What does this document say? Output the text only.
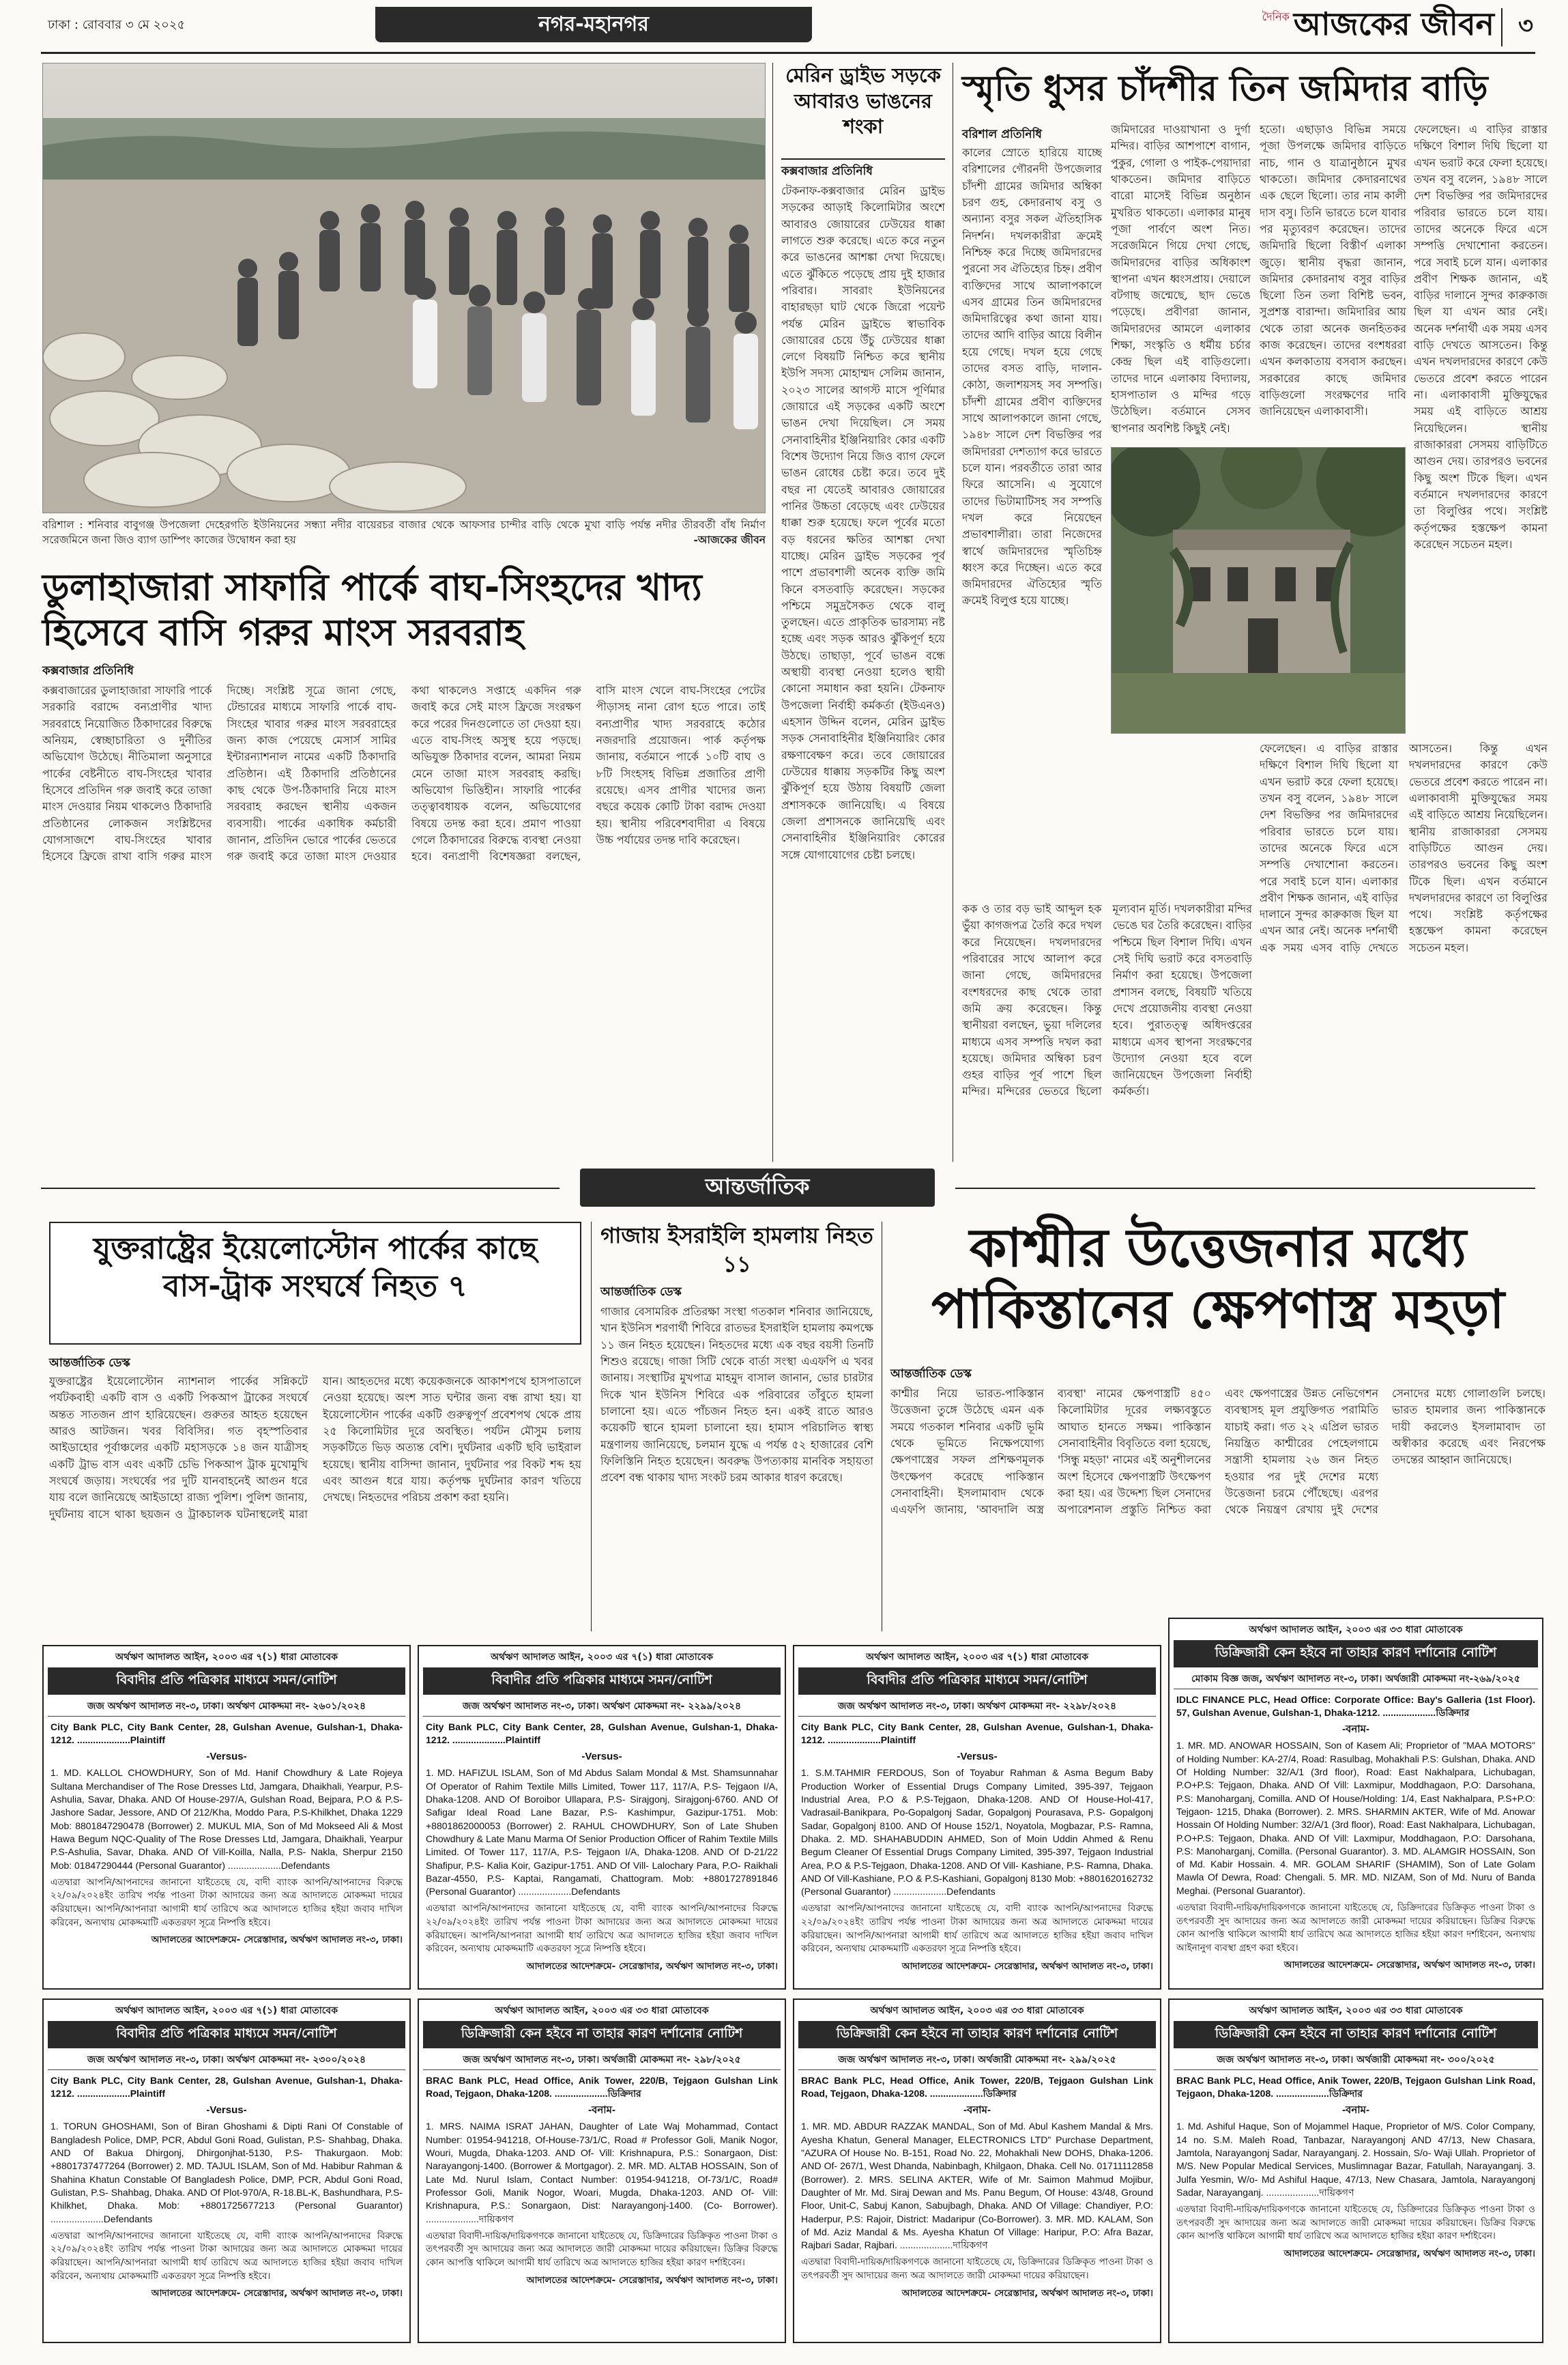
ঢাকা : রোববার ৩ মে ২০২৫	নগর-মহানগর	দৈনিক আজকের জীবন	৩
বরিশাল : শনিবার বাবুগঞ্জ উপজেলা দেহেরগতি ইউনিয়নের সন্ধ্যা নদীর বায়েরচর বাজার থেকে আফসার চান্দীর বাড়ি থেকে মুখা বাড়ি পর্যন্ত নদীর তীরবর্তী বাঁধ নির্মাণ সরেজমিনে জনা জিও ব্যাগ ডাম্পিং কাজের উদ্বোধন করা হয়	-আজকের জীবন
মেরিন ড্রাইভ সড়কে আবারও ভাঙনের শংকা
কক্সবাজার প্রতিনিধি
টেকনাফ-কক্সবাজার মেরিন ড্রাইভ সড়কের আড়াই কিলোমিটার অংশে আবারও জোয়ারের ঢেউয়ের ধাক্কা লাগতে শুরু করেছে। এতে করে নতুন করে ভাঙনের আশঙ্কা দেখা দিয়েছে। এতে ঝুঁকিতে পড়েছে প্রায় দুই হাজার পরিবার। সাবরাং ইউনিয়নের বাহারছড়া ঘাট থেকে জিরো পয়েন্ট পর্যন্ত মেরিন ড্রাইভে স্বাভাবিক জোয়ারের চেয়ে উঁচু ঢেউয়ের ধাক্কা লেগে বিষয়টি নিশ্চিত করে স্থানীয় ইউপি সদস্য মোহাম্মদ সেলিম জানান, ২০২৩ সালের আগস্ট মাসে পূর্ণিমার জোয়ারে এই সড়কের একটি অংশে ভাঙন দেখা দিয়েছিল। সে সময় সেনাবাহিনীর ইঞ্জিনিয়ারিং কোর একটি বিশেষ উদ্যোগ নিয়ে জিও ব্যাগ ফেলে ভাঙন রোধের চেষ্টা করে। তবে দুই বছর না যেতেই আবারও জোয়ারের পানির উচ্চতা বেড়েছে এবং ঢেউয়ের ধাক্কা শুরু হয়েছে। ফলে পূর্বের মতো বড় ধরনের ক্ষতির আশঙ্কা দেখা যাচ্ছে। মেরিন ড্রাইভ সড়কের পূর্ব পাশে প্রভাবশালী অনেক ব্যক্তি জমি কিনে বসতবাড়ি করেছেন। সড়কের পশ্চিমে সমুদ্রসৈকত থেকে বালু তুলছেন। এতে প্রাকৃতিক ভারসাম্য নষ্ট হচ্ছে এবং সড়ক আরও ঝুঁকিপূর্ণ হয়ে উঠছে। তাছাড়া, পূর্বে ভাঙন বন্ধে অস্থায়ী ব্যবস্থা নেওয়া হলেও স্থায়ী কোনো সমাধান করা হয়নি। টেকনাফ উপজেলা নির্বাহী কর্মকর্তা (ইউএনও) এহসান উদ্দিন বলেন, মেরিন ড্রাইভ সড়ক সেনাবাহিনীর ইঞ্জিনিয়ারিং কোর রক্ষণাবেক্ষণ করে। তবে জোয়ারের ঢেউয়ের ধাক্কায় সড়কটির কিছু অংশ ঝুঁকিপূর্ণ হয়ে উঠায় বিষয়টি জেলা প্রশাসককে জানিয়েছি। এ বিষয়ে জেলা প্রশাসনকে জানিয়েছি এবং সেনাবাহিনীর ইঞ্জিনিয়ারিং কোরের সঙ্গে যোগাযোগের চেষ্টা চলছে।
স্মৃতি ধুসর চাঁদশীর তিন জমিদার বাড়ি
বরিশাল প্রতিনিধি
কালের স্রোতে হারিয়ে যাচ্ছে বরিশালের গৌরনদী উপজেলার চাঁদশী গ্রামের জমিদার অম্বিকা চরণ গুহ, কেদারনাথ বসু ও অন্যান্য বসুর সকল ঐতিহাসিক নিদর্শন। দখলকারীরা ক্রমেই নিশ্চিহ্ন করে দিচ্ছে জমিদারদের পুরনো সব ঐতিহ্যের চিহ্ন। প্রবীণ ব্যক্তিদের সাথে আলাপকালে এসব গ্রামের তিন জমিদারদের জমিদারিত্বের কথা জানা যায়। তাদের আদি বাড়ির আয়ে বিলীন হয়ে গেছে। দখল হয়ে গেছে তাদের বসত বাড়ি, দালান-কোঠা, জলাশয়সহ সব সম্পত্তি। চাঁদশী গ্রামের প্রবীণ ব্যক্তিদের সাথে আলাপকালে জানা গেছে, ১৯৪৮ সালে দেশ বিভক্তির পর জমিদাররা দেশত্যাগ করে ভারতে চলে যান। পরবর্তীতে তারা আর ফিরে আসেনি। এ সুযোগে তাদের ভিটামাটিসহ সব সম্পত্তি দখল করে নিয়েছেন প্রভাবশালীরা। তারা নিজেদের স্বার্থে জমিদারদের স্মৃতিচিহ্ন ধ্বংস করে দিচ্ছেন। এতে করে জমিদারদের ঐতিহ্যের স্মৃতি ক্রমেই বিলুপ্ত হয়ে যাচ্ছে।
জমিদারের দাওয়াখানা ও দুর্গা মন্দির। বাড়ির আশপাশে বাগান, পুকুর, গোলা ও পাইক-পেয়াদারা থাকতেন। জমিদার বাড়িতে বারো মাসেই বিভিন্ন অনুষ্ঠান মুখরিত থাকতো। এলাকার মানুষ পূজা পার্বণে অংশ নিত। সরেজমিনে গিয়ে দেখা গেছে, জমিদারদের বাড়ির অধিকাংশ স্থাপনা এখন ধ্বংসপ্রায়। দেয়ালে বটগাছ জন্মেছে, ছাদ ভেঙে পড়েছে। প্রবীণরা জানান, জমিদারদের আমলে এলাকার শিক্ষা, সংস্কৃতি ও ধর্মীয় চর্চার কেন্দ্র ছিল এই বাড়িগুলো। তাদের দানে এলাকায় বিদ্যালয়, হাসপাতাল ও মন্দির গড়ে উঠেছিল। বর্তমানে সেসব স্থাপনার অবশিষ্ট কিছুই নেই।
হতো। এছাড়াও বিভিন্ন সময়ে পূজা উপলক্ষে জমিদার বাড়িতে নাচ, গান ও যাত্রানুষ্ঠানে মুখর থাকতো। জমিদার কেদারনাথের এক ছেলে ছিলো। তার নাম কালী দাস বসু। তিনি ভারতে চলে যাবার পর মৃত্যুবরণ করেছেন। তাদের জমিদারি ছিলো বিস্তীর্ণ এলাকা জুড়ে। স্থানীয় বৃদ্ধরা জানান, জমিদার কেদারনাথ বসুর বাড়ির ছিলো তিন তলা বিশিষ্ট ভবন, সুপ্রশস্ত বারান্দা। জমিদারির আয় থেকে তারা অনেক জনহিতকর কাজ করেছেন। তাদের বংশধররা এখন কলকাতায় বসবাস করছেন। সরকারের কাছে জমিদার বাড়িগুলো সংরক্ষণের দাবি জানিয়েছেন এলাকাবাসী।
ফেলেছেন। এ বাড়ির রাস্তার দক্ষিণে বিশাল দিঘি ছিলো যা এখন ভরাট করে ফেলা হয়েছে। তখন বসু বলেন, ১৯৪৮ সালে দেশ বিভক্তির পর জমিদারদের পরিবার ভারতে চলে যায়। তাদের অনেকে ফিরে এসে সম্পত্তি দেখাশোনা করতেন। পরে সবাই চলে যান। এলাকার প্রবীণ শিক্ষক জানান, এই বাড়ির দালানে সুন্দর কারুকাজ ছিল যা এখন আর নেই। অনেক দর্শনার্থী এক সময় এসব বাড়ি দেখতে আসতেন। কিন্তু এখন দখলদারদের কারণে কেউ ভেতরে প্রবেশ করতে পারেন না। এলাকাবাসী মুক্তিযুদ্ধের সময় এই বাড়িতে আশ্রয় নিয়েছিলেন। স্থানীয় রাজাকাররা সেসময় বাড়িটিতে আগুন দেয়। তারপরও ভবনের কিছু অংশ টিকে ছিল। এখন বর্তমানে দখলদারদের কারণে তা বিলুপ্তির পথে। সংশ্লিষ্ট কর্তৃপক্ষের হস্তক্ষেপ কামনা করেছেন সচেতন মহল।
কক ও তার বড় ভাই আব্দুল হক ভুঁয়া কাগজপত্র তৈরি করে দখল করে নিয়েছেন। দখলদারদের পরিবারের সাথে আলাপ করে জানা গেছে, জমিদারদের বংশধরদের কাছ থেকে তারা জমি ক্রয় করেছেন। কিন্তু স্থানীয়রা বলছেন, ভুয়া দলিলের মাধ্যমে এসব সম্পত্তি দখল করা হয়েছে। জমিদার অম্বিকা চরণ গুহর বাড়ির পূর্ব পাশে ছিল মন্দির। মন্দিরের ভেতরে ছিলো মূল্যবান মূর্তি। দখলকারীরা মন্দির ভেঙে ঘর তৈরি করেছেন। বাড়ির পশ্চিমে ছিল বিশাল দিঘি। এখন সেই দিঘি ভরাট করে বসতবাড়ি নির্মাণ করা হয়েছে। উপজেলা প্রশাসন বলছে, বিষয়টি খতিয়ে দেখে প্রয়োজনীয় ব্যবস্থা নেওয়া হবে। পুরাতত্ত্ব অধিদপ্তরের মাধ্যমে এসব স্থাপনা সংরক্ষণের উদ্যোগ নেওয়া হবে বলে জানিয়েছেন উপজেলা নির্বাহী কর্মকর্তা।
ফেলেছেন। এ বাড়ির রাস্তার দক্ষিণে বিশাল দিঘি ছিলো যা এখন ভরাট করে ফেলা হয়েছে। তখন বসু বলেন, ১৯৪৮ সালে দেশ বিভক্তির পর জমিদারদের পরিবার ভারতে চলে যায়। তাদের অনেকে ফিরে এসে সম্পত্তি দেখাশোনা করতেন। পরে সবাই চলে যান। এলাকার প্রবীণ শিক্ষক জানান, এই বাড়ির দালানে সুন্দর কারুকাজ ছিল যা এখন আর নেই। অনেক দর্শনার্থী এক সময় এসব বাড়ি দেখতে আসতেন। কিন্তু এখন দখলদারদের কারণে কেউ ভেতরে প্রবেশ করতে পারেন না। এলাকাবাসী মুক্তিযুদ্ধের সময় এই বাড়িতে আশ্রয় নিয়েছিলেন। স্থানীয় রাজাকাররা সেসময় বাড়িটিতে আগুন দেয়। তারপরও ভবনের কিছু অংশ টিকে ছিল। এখন বর্তমানে দখলদারদের কারণে তা বিলুপ্তির পথে। সংশ্লিষ্ট কর্তৃপক্ষের হস্তক্ষেপ কামনা করেছেন সচেতন মহল।
ডুলাহাজারা সাফারি পার্কে বাঘ-সিংহদের খাদ্য হিসেবে বাসি গরুর মাংস সরবরাহ
কক্সবাজার প্রতিনিধি
কক্সবাজারের ডুলাহাজারা সাফারি পার্কে সরকারি বরাদ্দে বন্যপ্রাণীর খাদ্য সরবরাহে নিয়োজিত ঠিকাদারের বিরুদ্ধে অনিয়ম, স্বেচ্ছাচারিতা ও দুর্নীতির অভিযোগ উঠেছে। নীতিমালা অনুসারে পার্কের বেষ্টনীতে বাঘ-সিংহের খাবার হিসেবে প্রতিদিন গরু জবাই করে তাজা মাংস দেওয়ার নিয়ম থাকলেও ঠিকাদারি প্রতিষ্ঠানের লোকজন সংশ্লিষ্টদের যোগসাজশে বাঘ-সিংহের খাবার হিসেবে ফ্রিজে রাখা বাসি গরুর মাংস দিচ্ছে। সংশ্লিষ্ট সূত্রে জানা গেছে, টেন্ডারের মাধ্যমে সাফারি পার্কে বাঘ-সিংহের খাবার গরুর মাংস সরবরাহের জন্য কাজ পেয়েছে মেসার্স সামির ইন্টারন্যাশনাল নামের একটি ঠিকাদারি প্রতিষ্ঠান। এই ঠিকাদারি প্রতিষ্ঠানের কাছ থেকে উপ-ঠিকাদারি নিয়ে মাংস সরবরাহ করছেন স্থানীয় একজন ব্যবসায়ী। পার্কের একাধিক কর্মচারী জানান, প্রতিদিন ভোরে পার্কের ভেতরে গরু জবাই করে তাজা মাংস দেওয়ার কথা থাকলেও সপ্তাহে একদিন গরু জবাই করে সেই মাংস ফ্রিজে সংরক্ষণ করে পরের দিনগুলোতে তা দেওয়া হয়। এতে বাঘ-সিংহ অসুস্থ হয়ে পড়ছে। অভিযুক্ত ঠিকাদার বলেন, আমরা নিয়ম মেনে তাজা মাংস সরবরাহ করছি। অভিযোগ ভিত্তিহীন। সাফারি পার্কের তত্ত্বাবধায়ক বলেন, অভিযোগের বিষয়ে তদন্ত করা হবে। প্রমাণ পাওয়া গেলে ঠিকাদারের বিরুদ্ধে ব্যবস্থা নেওয়া হবে। বন্যপ্রাণী বিশেষজ্ঞরা বলছেন, বাসি মাংস খেলে বাঘ-সিংহের পেটের পীড়াসহ নানা রোগ হতে পারে। তাই বন্যপ্রাণীর খাদ্য সরবরাহে কঠোর নজরদারি প্রয়োজন। পার্ক কর্তৃপক্ষ জানায়, বর্তমানে পার্কে ১০টি বাঘ ও ৮টি সিংহসহ বিভিন্ন প্রজাতির প্রাণী রয়েছে। এসব প্রাণীর খাদ্যের জন্য বছরে কয়েক কোটি টাকা বরাদ্দ দেওয়া হয়। স্থানীয় পরিবেশবাদীরা এ বিষয়ে উচ্চ পর্যায়ের তদন্ত দাবি করেছেন।
আন্তর্জাতিক
যুক্তরাষ্ট্রের ইয়েলোস্টোন পার্কের কাছে বাস-ট্রাক সংঘর্ষে নিহত ৭
আন্তর্জাতিক ডেস্ক
যুক্তরাষ্ট্রের ইয়েলোস্টোন ন্যাশনাল পার্কের সন্নিকটে পর্যটকবাহী একটি বাস ও একটি পিকআপ ট্রাকের সংঘর্ষে অন্তত সাতজন প্রাণ হারিয়েছেন। গুরুতর আহত হয়েছেন আরও আটজন। খবর বিবিসির। গত বৃহস্পতিবার আইডাহোর পূর্বাঞ্চলের একটি মহাসড়কে ১৪ জন যাত্রীসহ একটি ট্রাভ বাস এবং একটি চেভি পিকআপ ট্রাক মুখোমুখি সংঘর্ষে জড়ায়। সংঘর্ষের পর দুটি যানবাহনেই আগুন ধরে যায় বলে জানিয়েছে আইডাহো রাজ্য পুলিশ। পুলিশ জানায়, দুর্ঘটনায় বাসে থাকা ছয়জন ও ট্রাকচালক ঘটনাস্থলেই মারা যান। আহতদের মধ্যে কয়েকজনকে আকাশপথে হাসপাতালে নেওয়া হয়েছে। অংশ সাত ঘন্টার জন্য বন্ধ রাখা হয়। যা ইয়েলোস্টোন পার্কের একটি গুরুত্বপূর্ণ প্রবেশপথ থেকে প্রায় ২৫ কিলোমিটার দূরে অবস্থিত। পর্যটন মৌসুম চলায় সড়কটিতে ভিড় অত্যন্ত বেশি। দুর্ঘটনার একটি ছবি ভাইরাল হয়েছে। স্থানীয় বাসিন্দা জানান, দুর্ঘটনার পর বিকট শব্দ হয় এবং আগুন ধরে যায়। কর্তৃপক্ষ দুর্ঘটনার কারণ খতিয়ে দেখছে। নিহতদের পরিচয় প্রকাশ করা হয়নি।
গাজায় ইসরাইলি হামলায় নিহত ১১
আন্তর্জাতিক ডেস্ক
গাজার বেসামরিক প্রতিরক্ষা সংস্থা গতকাল শনিবার জানিয়েছে, খান ইউনিস শরণার্থী শিবিরে রাতভর ইসরাইলি হামলায় কমপক্ষে ১১ জন নিহত হয়েছেন। নিহতদের মধ্যে এক বছর বয়সী তিনটি শিশুও রয়েছে। গাজা সিটি থেকে বার্তা সংস্থা এএফপি এ খবর জানায়। সংস্থাটির মুখপাত্র মাহমুদ বাসাল জানান, ভোর চারটার দিকে খান ইউনিস শিবিরে এক পরিবারের তাঁবুতে হামলা চালানো হয়। এতে পাঁচজন নিহত হন। একই রাতে আরও কয়েকটি স্থানে হামলা চালানো হয়। হামাস পরিচালিত স্বাস্থ্য মন্ত্রণালয় জানিয়েছে, চলমান যুদ্ধে এ পর্যন্ত ৫২ হাজারের বেশি ফিলিস্তিনি নিহত হয়েছেন। অবরুদ্ধ উপত্যকায় মানবিক সহায়তা প্রবেশ বন্ধ থাকায় খাদ্য সংকট চরম আকার ধারণ করেছে।
কাশ্মীর উত্তেজনার মধ্যে পাকিস্তানের ক্ষেপণাস্ত্র মহড়া
আন্তর্জাতিক ডেস্ক
কাশ্মীর নিয়ে ভারত-পাকিস্তান উত্তেজনা তুঙ্গে উঠেছে এমন এক সময়ে গতকাল শনিবার একটি ভূমি থেকে ভূমিতে নিক্ষেপযোগ্য ক্ষেপণাস্ত্রের সফল প্রশিক্ষণমূলক উৎক্ষেপণ করেছে পাকিস্তান সেনাবাহিনী। ইসলামাবাদ থেকে এএফপি জানায়, 'আবদালি অস্ত্র ব্যবস্থা' নামের ক্ষেপণাস্ত্রটি ৪৫০ কিলোমিটার দূরের লক্ষ্যবস্তুতে আঘাত হানতে সক্ষম। পাকিস্তান সেনাবাহিনীর বিবৃতিতে বলা হয়েছে, 'সিন্ধু মহড়া' নামের এই অনুশীলনের অংশ হিসেবে ক্ষেপণাস্ত্রটি উৎক্ষেপণ করা হয়। এর উদ্দেশ্য ছিল সেনাদের অপারেশনাল প্রস্তুতি নিশ্চিত করা এবং ক্ষেপণাস্ত্রের উন্নত নেভিগেশন ব্যবস্থাসহ মূল প্রযুক্তিগত পরামিতি যাচাই করা। গত ২২ এপ্রিল ভারত নিয়ন্ত্রিত কাশ্মীরের পেহেলগামে সন্ত্রাসী হামলায় ২৬ জন নিহত হওয়ার পর দুই দেশের মধ্যে উত্তেজনা চরমে পৌঁছেছে। এরপর থেকে নিয়ন্ত্রণ রেখায় দুই দেশের সেনাদের মধ্যে গোলাগুলি চলছে। ভারত হামলার জন্য পাকিস্তানকে দায়ী করলেও ইসলামাবাদ তা অস্বীকার করেছে এবং নিরপেক্ষ তদন্তের আহ্বান জানিয়েছে।
অর্থঋণ আদালত আইন, ২০০৩ এর ৭(১) ধারা মোতাবেক
বিবাদীর প্রতি পত্রিকার মাধ্যমে সমন/নোটিশ
জজ অর্থঋণ আদালত নং-৩, ঢাকা। অর্থঋণ মোকদ্দমা নং- ২৬০১/২০২৪
City Bank PLC, City Bank Center, 28, Gulshan Avenue, Gulshan-1, Dhaka-1212. ....................Plaintiff
-Versus-
1. MD. KALLOL CHOWDHURY, Son of Md. Hanif Chowdhury & Late Rojeya Sultana Merchandiser of The Rose Dresses Ltd, Jamgara, Dhaikhali, Yearpur, P.S-Ashulia, Savar, Dhaka. AND Of House-297/A, Gulshan Road, Bejpara, P.O & P.S-Jashore Sadar, Jessore, AND Of 212/Kha, Moddo Para, P.S-Khilkhet, Dhaka 1229 Mob: 8801847290478 (Borrower) 2. MUKUL MIA, Son of Md Mokseed Ali & Most Hawa Begum NQC-Quality of The Rose Dresses Ltd, Jamgara, Dhaikhali, Yearpur P.S-Ashulia, Savar, Dhaka. AND Of Vill-Koilla, Nalla, P.S- Nakla, Sherpur 2150 Mob: 01847290444 (Personal Guarantor) ....................Defendants
এতদ্বারা আপনি/আপনাদের জানানো যাইতেছে যে, বাদী ব্যাংক আপনি/আপনাদের বিরুদ্ধে ২২/০৯/২০২৪ইং তারিখ পর্যন্ত পাওনা টাকা আদায়ের জন্য অত্র আদালতে মোকদ্দমা দায়ের করিয়াছেন। আপনি/আপনারা আগামী ধার্য তারিখে অত্র আদালতে হাজির হইয়া জবাব দাখিল করিবেন, অন্যথায় মোকদ্দমাটি একতরফা সূত্রে নিষ্পত্তি হইবে।
আদালতের আদেশক্রমে- সেরেস্তাদার, অর্থঋণ আদালত নং-৩, ঢাকা।
অর্থঋণ আদালত আইন, ২০০৩ এর ৭(১) ধারা মোতাবেক
বিবাদীর প্রতি পত্রিকার মাধ্যমে সমন/নোটিশ
জজ অর্থঋণ আদালত নং-৩, ঢাকা। অর্থঋণ মোকদ্দমা নং- ২২৯৯/২০২৪
City Bank PLC, City Bank Center, 28, Gulshan Avenue, Gulshan-1, Dhaka-1212. ....................Plaintiff
-Versus-
1. MD. HAFIZUL ISLAM, Son of Md Abdus Salam Mondal & Mst. Shamsunnahar Of Operator of Rahim Textile Mills Limited, Tower 117, 117/A, P.S- Tejgaon I/A, Dhaka-1208. AND Of Boroibor Ullapara, P.S- Sirajgonj, Sirajgonj-6760. AND Of Safigar Ideal Road Lane Bazar, P.S- Kashimpur, Gazipur-1751. Mob: +8801862000053 (Borrower) 2. RAHUL CHOWDHURY, Son of Late Shuben Chowdhury & Late Manu Marma Of Senior Production Officer of Rahim Textile Mills Limited. Of Tower 117, 117/A, P.S- Tejgaon I/A, Dhaka-1208. AND Of D-21/22 Shafipur, P.S- Kalia Koir, Gazipur-1751. AND Of Vill- Lalochary Para, P.O- Raikhali Bazar-4550, P.S- Kaptai, Rangamati, Chattogram. Mob: +8801727891846 (Personal Guarantor) ....................Defendants
এতদ্বারা আপনি/আপনাদের জানানো যাইতেছে যে, বাদী ব্যাংক আপনি/আপনাদের বিরুদ্ধে ২২/০৯/২০২৪ইং তারিখ পর্যন্ত পাওনা টাকা আদায়ের জন্য অত্র আদালতে মোকদ্দমা দায়ের করিয়াছেন। আপনি/আপনারা আগামী ধার্য তারিখে অত্র আদালতে হাজির হইয়া জবাব দাখিল করিবেন, অন্যথায় মোকদ্দমাটি একতরফা সূত্রে নিষ্পত্তি হইবে।
আদালতের আদেশক্রমে- সেরেস্তাদার, অর্থঋণ আদালত নং-৩, ঢাকা।
অর্থঋণ আদালত আইন, ২০০৩ এর ৭(১) ধারা মোতাবেক
বিবাদীর প্রতি পত্রিকার মাধ্যমে সমন/নোটিশ
জজ অর্থঋণ আদালত নং-৩, ঢাকা। অর্থঋণ মোকদ্দমা নং- ২২৯৮/২০২৪
City Bank PLC, City Bank Center, 28, Gulshan Avenue, Gulshan-1, Dhaka-1212. ....................Plaintiff
-Versus-
1. S.M.TAHMIR FERDOUS, Son of Toyabur Rahman & Asma Begum Baby Production Worker of Essential Drugs Company Limited, 395-397, Tejgaon Industrial Area, P.O & P.S-Tejgaon, Dhaka-1208. AND Of House-Hol-417, Vadrasail-Banikpara, Po-Gopalgonj Sadar, Gopalgonj Pourasava, P.S- Gopalgonj Sadar, Gopalgonj 8100. AND Of House 152/1, Noyatola, Mogbazar, P.S- Ramna, Dhaka. 2. MD. SHAHABUDDIN AHMED, Son of Moin Uddin Ahmed & Renu Begum Cleaner Of Essential Drugs Company Limited, 395-397, Tejgaon Industrial Area, P.O & P.S-Tejgaon, Dhaka-1208. AND Of Vill- Kashiane, P.S- Ramna, Dhaka. AND Of Vill-Kashiane, P.O & P.S-Kashiani, Gopalgonj 8130 Mob: +8801620162732 (Personal Guarantor) ....................Defendants
এতদ্বারা আপনি/আপনাদের জানানো যাইতেছে যে, বাদী ব্যাংক আপনি/আপনাদের বিরুদ্ধে ২২/০৯/২০২৪ইং তারিখ পর্যন্ত পাওনা টাকা আদায়ের জন্য অত্র আদালতে মোকদ্দমা দায়ের করিয়াছেন। আপনি/আপনারা আগামী ধার্য তারিখে অত্র আদালতে হাজির হইয়া জবাব দাখিল করিবেন, অন্যথায় মোকদ্দমাটি একতরফা সূত্রে নিষ্পত্তি হইবে।
আদালতের আদেশক্রমে- সেরেস্তাদার, অর্থঋণ আদালত নং-৩, ঢাকা।
অর্থঋণ আদালত আইন, ২০০৩ এর ৩৩ ধারা মোতাবেক
ডিক্রিজারী কেন হইবে না তাহার কারণ দর্শানোর নোটিশ
মোকাম বিজ্ঞ জজ, অর্থঋণ আদালত নং-৩, ঢাকা। অর্থজারী মোকদ্দমা নং-২৬৯/২০২৫
IDLC FINANCE PLC, Head Office: Corporate Office: Bay's Galleria (1st Floor). 57, Gulshan Avenue, Gulshan-1, Dhaka-1212. ....................ডিক্রিদার
-বনাম-
1. MR. MD. ANOWAR HOSSAIN, Son of Kasem Ali; Proprietor of "MAA MOTORS" of Holding Number: KA-27/4, Road: Rasulbag, Mohakhali P.S: Gulshan, Dhaka. AND Of Holding Number: 32/A/1 (3rd floor), Road: East Nakhalpara, Lichubagan, P.O+P.S: Tejgaon, Dhaka. AND Of Vill: Laxmipur, Moddhagaon, P.O: Darsohana, P.S: Manoharganj, Comilla. AND Of House/Holding: 1/4, East Nakhalpara, P.S+P.O: Tejgaon- 1215, Dhaka (Borrower). 2. MRS. SHARMIN AKTER, Wife of Md. Anowar Hossain Of Holding Number: 32/A/1 (3rd floor), Road: East Nakhalpara, Lichubagan, P.O+P.S: Tejgaon, Dhaka. AND Of Vill: Laxmipur, Moddhagaon, P.O: Darsohana, P.S: Manoharganj, Comilla. (Personal Guarantor). 3. MD. ALAMGIR HOSSAIN, Son of Md. Kabir Hossain. 4. MR. GOLAM SHARIF (SHAMIM), Son of Late Golam Mawla Of Dewra, Road: Chengali. 5. MR. MD. NIZAM, Son of Md. Nuru of Banda Meghai. (Personal Guarantor).
এতদ্বারা বিবাদী-দায়িক/দায়িকগণকে জানানো যাইতেছে যে, ডিক্রিদারের ডিক্রিকৃত পাওনা টাকা ও তৎপরবর্তী সুদ আদায়ের জন্য অত্র আদালতে জারী মোকদ্দমা দায়ের করিয়াছেন। ডিক্রির বিরুদ্ধে কোন আপত্তি থাকিলে আগামী ধার্য তারিখে অত্র আদালতে হাজির হইয়া কারণ দর্শাইবেন, অন্যথায় আইনানুগ ব্যবস্থা গ্রহণ করা হইবে।
আদালতের আদেশক্রমে- সেরেস্তাদার, অর্থঋণ আদালত নং-৩, ঢাকা।
অর্থঋণ আদালত আইন, ২০০৩ এর ৭(১) ধারা মোতাবেক
বিবাদীর প্রতি পত্রিকার মাধ্যমে সমন/নোটিশ
জজ অর্থঋণ আদালত নং-৩, ঢাকা। অর্থঋণ মোকদ্দমা নং- ২৩০০/২০২৪
City Bank PLC, City Bank Center, 28, Gulshan Avenue, Gulshan-1, Dhaka-1212. ....................Plaintiff
-Versus-
1. TORUN GHOSHAMI, Son of Biran Ghoshami & Dipti Rani Of Constable of Bangladesh Police, DMP, PCR, Abdul Goni Road, Gulistan, P.S- Shahbag, Dhaka. AND Of Bakua Dhirgonj, Dhirgonjhat-5130, P.S- Thakurgaon. Mob: +8801737477264 (Borrower) 2. MD. TAJUL ISLAM, Son of Md. Habibur Rahman & Shahina Khatun Constable Of Bangladesh Police, DMP, PCR, Abdul Goni Road, Gulistan, P.S- Shahbag, Dhaka. AND Of Plot-970/A, R-18.BL-K, Bashundhara, P.S- Khilkhet, Dhaka. Mob: +8801725677213 (Personal Guarantor) ....................Defendants
এতদ্বারা আপনি/আপনাদের জানানো যাইতেছে যে, বাদী ব্যাংক আপনি/আপনাদের বিরুদ্ধে ২২/০৯/২০২৪ইং তারিখ পর্যন্ত পাওনা টাকা আদায়ের জন্য অত্র আদালতে মোকদ্দমা দায়ের করিয়াছেন। আপনি/আপনারা আগামী ধার্য তারিখে অত্র আদালতে হাজির হইয়া জবাব দাখিল করিবেন, অন্যথায় মোকদ্দমাটি একতরফা সূত্রে নিষ্পত্তি হইবে।
আদালতের আদেশক্রমে- সেরেস্তাদার, অর্থঋণ আদালত নং-৩, ঢাকা।
অর্থঋণ আদালত আইন, ২০০৩ এর ৩৩ ধারা মোতাবেক
ডিক্রিজারী কেন হইবে না তাহার কারণ দর্শানোর নোটিশ
জজ অর্থঋণ আদালত নং-৩, ঢাকা। অর্থজারী মোকদ্দমা নং- ২৯৮/২০২৫
BRAC Bank PLC, Head Office, Anik Tower, 220/B, Tejgaon Gulshan Link Road, Tejgaon, Dhaka-1208. ....................ডিক্রিদার
-বনাম-
1. MRS. NAIMA ISRAT JAHAN, Daughter of Late Waj Mohammad, Contact Number: 01954-941218, Of-House-73/1/C, Road # Professor Goli, Manik Nogor, Wouri, Mugda, Dhaka-1203. AND Of- Vill: Krishnapura, P.S.: Sonargaon, Dist: Narayangonj-1400. (Borrower & Mortgagor). 2. MR. MD. ALTAB HOSSAIN, Son of Late Md. Nurul Islam, Contact Number: 01954-941218, Of-73/1/C, Road# Professor Goli, Manik Nogor, Woari, Mugda, Dhaka-1203. AND Of- Vill: Krishnapura, P.S.: Sonargaon, Dist: Narayangonj-1400. (Co- Borrower). ....................দায়িকগণ
এতদ্বারা বিবাদী-দায়িক/দায়িকগণকে জানানো যাইতেছে যে, ডিক্রিদারের ডিক্রিকৃত পাওনা টাকা ও তৎপরবর্তী সুদ আদায়ের জন্য অত্র আদালতে জারী মোকদ্দমা দায়ের করিয়াছেন। ডিক্রির বিরুদ্ধে কোন আপত্তি থাকিলে আগামী ধার্য তারিখে অত্র আদালতে হাজির হইয়া কারণ দর্শাইবেন।
আদালতের আদেশক্রমে- সেরেস্তাদার, অর্থঋণ আদালত নং-৩, ঢাকা।
অর্থঋণ আদালত আইন, ২০০৩ এর ৩৩ ধারা মোতাবেক
ডিক্রিজারী কেন হইবে না তাহার কারণ দর্শানোর নোটিশ
জজ অর্থঋণ আদালত নং-৩, ঢাকা। অর্থজারী মোকদ্দমা নং- ২৯৯/২০২৫
BRAC Bank PLC, Head Office, Anik Tower, 220/B, Tejgaon Gulshan Link Road, Tejgaon, Dhaka-1208. ....................ডিক্রিদার
-বনাম-
1. MR. MD. ABDUR RAZZAK MANDAL, Son of Md. Abul Kashem Mandal & Mrs. Ayesha Khatun, General Manager, ELECTRONICS LTD" Purchase Department, "AZURA Of House No. B-151, Road No. 22, Mohakhali New DOHS, Dhaka-1206. AND Of- 267/1, West Dhanda, Nabinbagh, Khilgaon, Dhaka. Cell No. 01711112858 (Borrower). 2. MRS. SELINA AKTER, Wife of Mr. Saimon Mahmud Mojibur, Daughter of Mr. Md. Siraj Dewan and Ms. Panu Begum, Of House: 43/48, Ground Floor, Unit-C, Sabuj Kanon, Sabujbagh, Dhaka. AND Of Village: Chandiyer, P.O: Haderpur, P.S: Rajoir, District: Madaripur (Co-Borrower). 3. MR. MD. KALAM, Son of Md. Aziz Mandal & Ms. Ayesha Khatun Of Village: Haripur, P.O: Afra Bazar, Rajbari Sadar, Rajbari. ....................দায়িকগণ
এতদ্বারা বিবাদী-দায়িক/দায়িকগণকে জানানো যাইতেছে যে, ডিক্রিদারের ডিক্রিকৃত পাওনা টাকা ও তৎপরবর্তী সুদ আদায়ের জন্য অত্র আদালতে জারী মোকদ্দমা দায়ের করিয়াছেন।
আদালতের আদেশক্রমে- সেরেস্তাদার, অর্থঋণ আদালত নং-৩, ঢাকা।
অর্থঋণ আদালত আইন, ২০০৩ এর ৩৩ ধারা মোতাবেক
ডিক্রিজারী কেন হইবে না তাহার কারণ দর্শানোর নোটিশ
জজ অর্থঋণ আদালত নং-৩, ঢাকা। অর্থজারী মোকদ্দমা নং- ৩০০/২০২৫
BRAC Bank PLC, Head Office, Anik Tower, 220/B, Tejgaon Gulshan Link Road, Tejgaon, Dhaka-1208. ....................ডিক্রিদার
-বনাম-
1. Md. Ashiful Haque, Son of Mojammel Haque, Proprietor of M/S. Color Company, 14 no. S.M. Maleh Road, Tanbazar, Narayangonj AND 47/13, New Chasara, Jamtola, Narayangonj Sadar, Narayanganj. 2. Hossain, S/o- Waji Ullah. Proprietor of M/S. New Popular Medical Services, Muslimnagar Bazar, Fatullah, Narayanganj. 3. Julfa Yesmin, W/o- Md Ashiful Haque, 47/13, New Chasara, Jamtola, Narayangonj Sadar, Narayanganj. ....................দায়িকগণ
এতদ্বারা বিবাদী-দায়িক/দায়িকগণকে জানানো যাইতেছে যে, ডিক্রিদারের ডিক্রিকৃত পাওনা টাকা ও তৎপরবর্তী সুদ আদায়ের জন্য অত্র আদালতে জারী মোকদ্দমা দায়ের করিয়াছেন। ডিক্রির বিরুদ্ধে কোন আপত্তি থাকিলে আগামী ধার্য তারিখে অত্র আদালতে হাজির হইয়া কারণ দর্শাইবেন।
আদালতের আদেশক্রমে- সেরেস্তাদার, অর্থঋণ আদালত নং-৩, ঢাকা।
